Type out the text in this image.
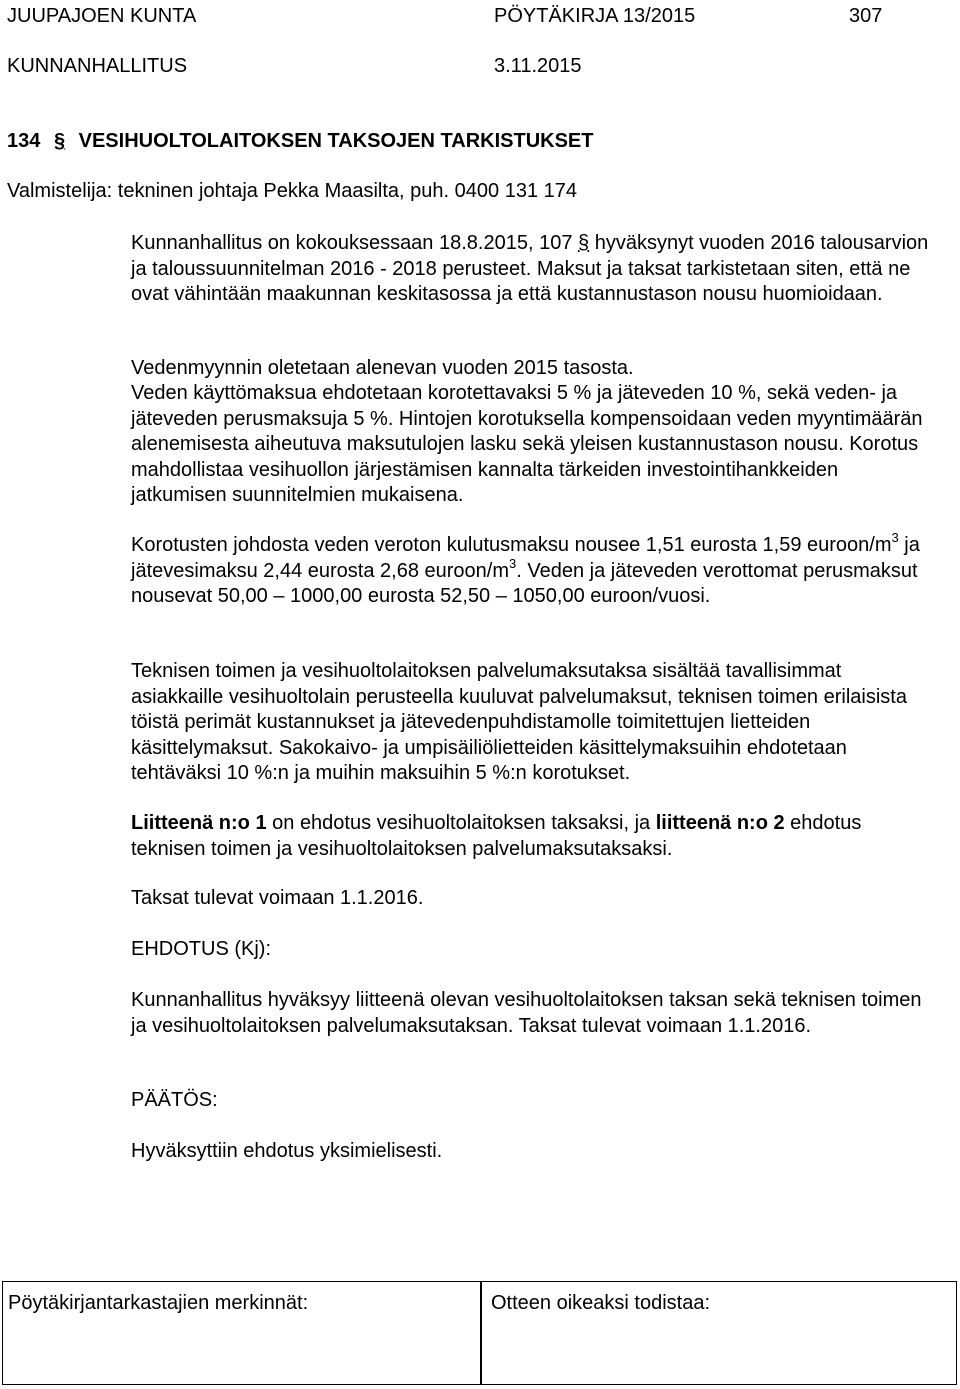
JUUPAJOEN KUNTA	PÖYTÄKIRJA 13/2015	307
KUNNANHALLITUS	3.11.2015
134 § VESIHUOLTOLAITOKSEN TAKSOJEN TARKISTUKSET
Valmistelija: tekninen johtaja Pekka Maasilta, puh. 0400 131 174

Kunnanhallitus on kokouksessaan 18.8.2015, 107 § hyväksynyt vuoden 2016 talousarvion ja taloussuunnitelman 2016 - 2018 perusteet. Maksut ja taksat tarkistetaan siten, että ne ovat vähintään maakunnan keskitasossa ja että kustannustason nousu huomioidaan.

Vedenmyynnin oletetaan alenevan vuoden 2015 tasosta.
Veden käyttömaksua ehdotetaan korotettavaksi 5 % ja jäteveden 10 %, sekä veden- ja jäteveden perusmaksuja 5 %. Hintojen korotuksella kompensoidaan veden myyntimäärän alenemisesta aiheutuva maksutulojen lasku sekä yleisen kustannustason nousu. Korotus mahdollistaa vesihuollon järjestämisen kannalta tärkeiden investointihankkeiden jatkumisen suunnitelmien mukaisena.

Korotusten johdosta veden veroton kulutusmaksu nousee 1,51 eurosta 1,59 euroon/$m^3$ ja jätevesimaksu 2,44 eurosta 2,68 euroon/$m^3$. Veden ja jäteveden verottomat perusmaksut nousevat 50,00 – 1000,00 eurosta 52,50 – 1050,00 euroon/vuosi.

Teknisen toimen ja vesihuoltolaitoksen palvelumaksutaksa sisältää tavallisimmat asiakkaille vesihuoltolain perusteella kuuluvat palvelumaksut, teknisen toimen erilaisista töistä perimät kustannukset ja jätevedenpuhdistamolle toimitettujen lietteiden käsittelymaksut. Sakokaivo- ja umpisäiliölietteiden käsittelymaksuihin ehdotetaan tehtäväksi 10 %:n ja muihin maksuihin 5 %:n korotukset.

Liitteenä n:o 1 on ehdotus vesihuoltolaitoksen taksaksi, ja liitteenä n:o 2 ehdotus teknisen toimen ja vesihuoltolaitoksen palvelumaksutaksaksi.

Taksat tulevat voimaan 1.1.2016.
EHDOTUS (Kj):
Kunnanhallitus hyväksyy liitteenä olevan vesihuoltolaitoksen taksan sekä teknisen toimen ja vesihuoltolaitoksen palvelumaksutaksan. Taksat tulevat voimaan 1.1.2016.
PÄÄTÖS:
Hyväksyttiin ehdotus yksimielisesti.
Pöytäkirjantarkastajien merkinnät:	Otteen oikeaksi todistaa:
